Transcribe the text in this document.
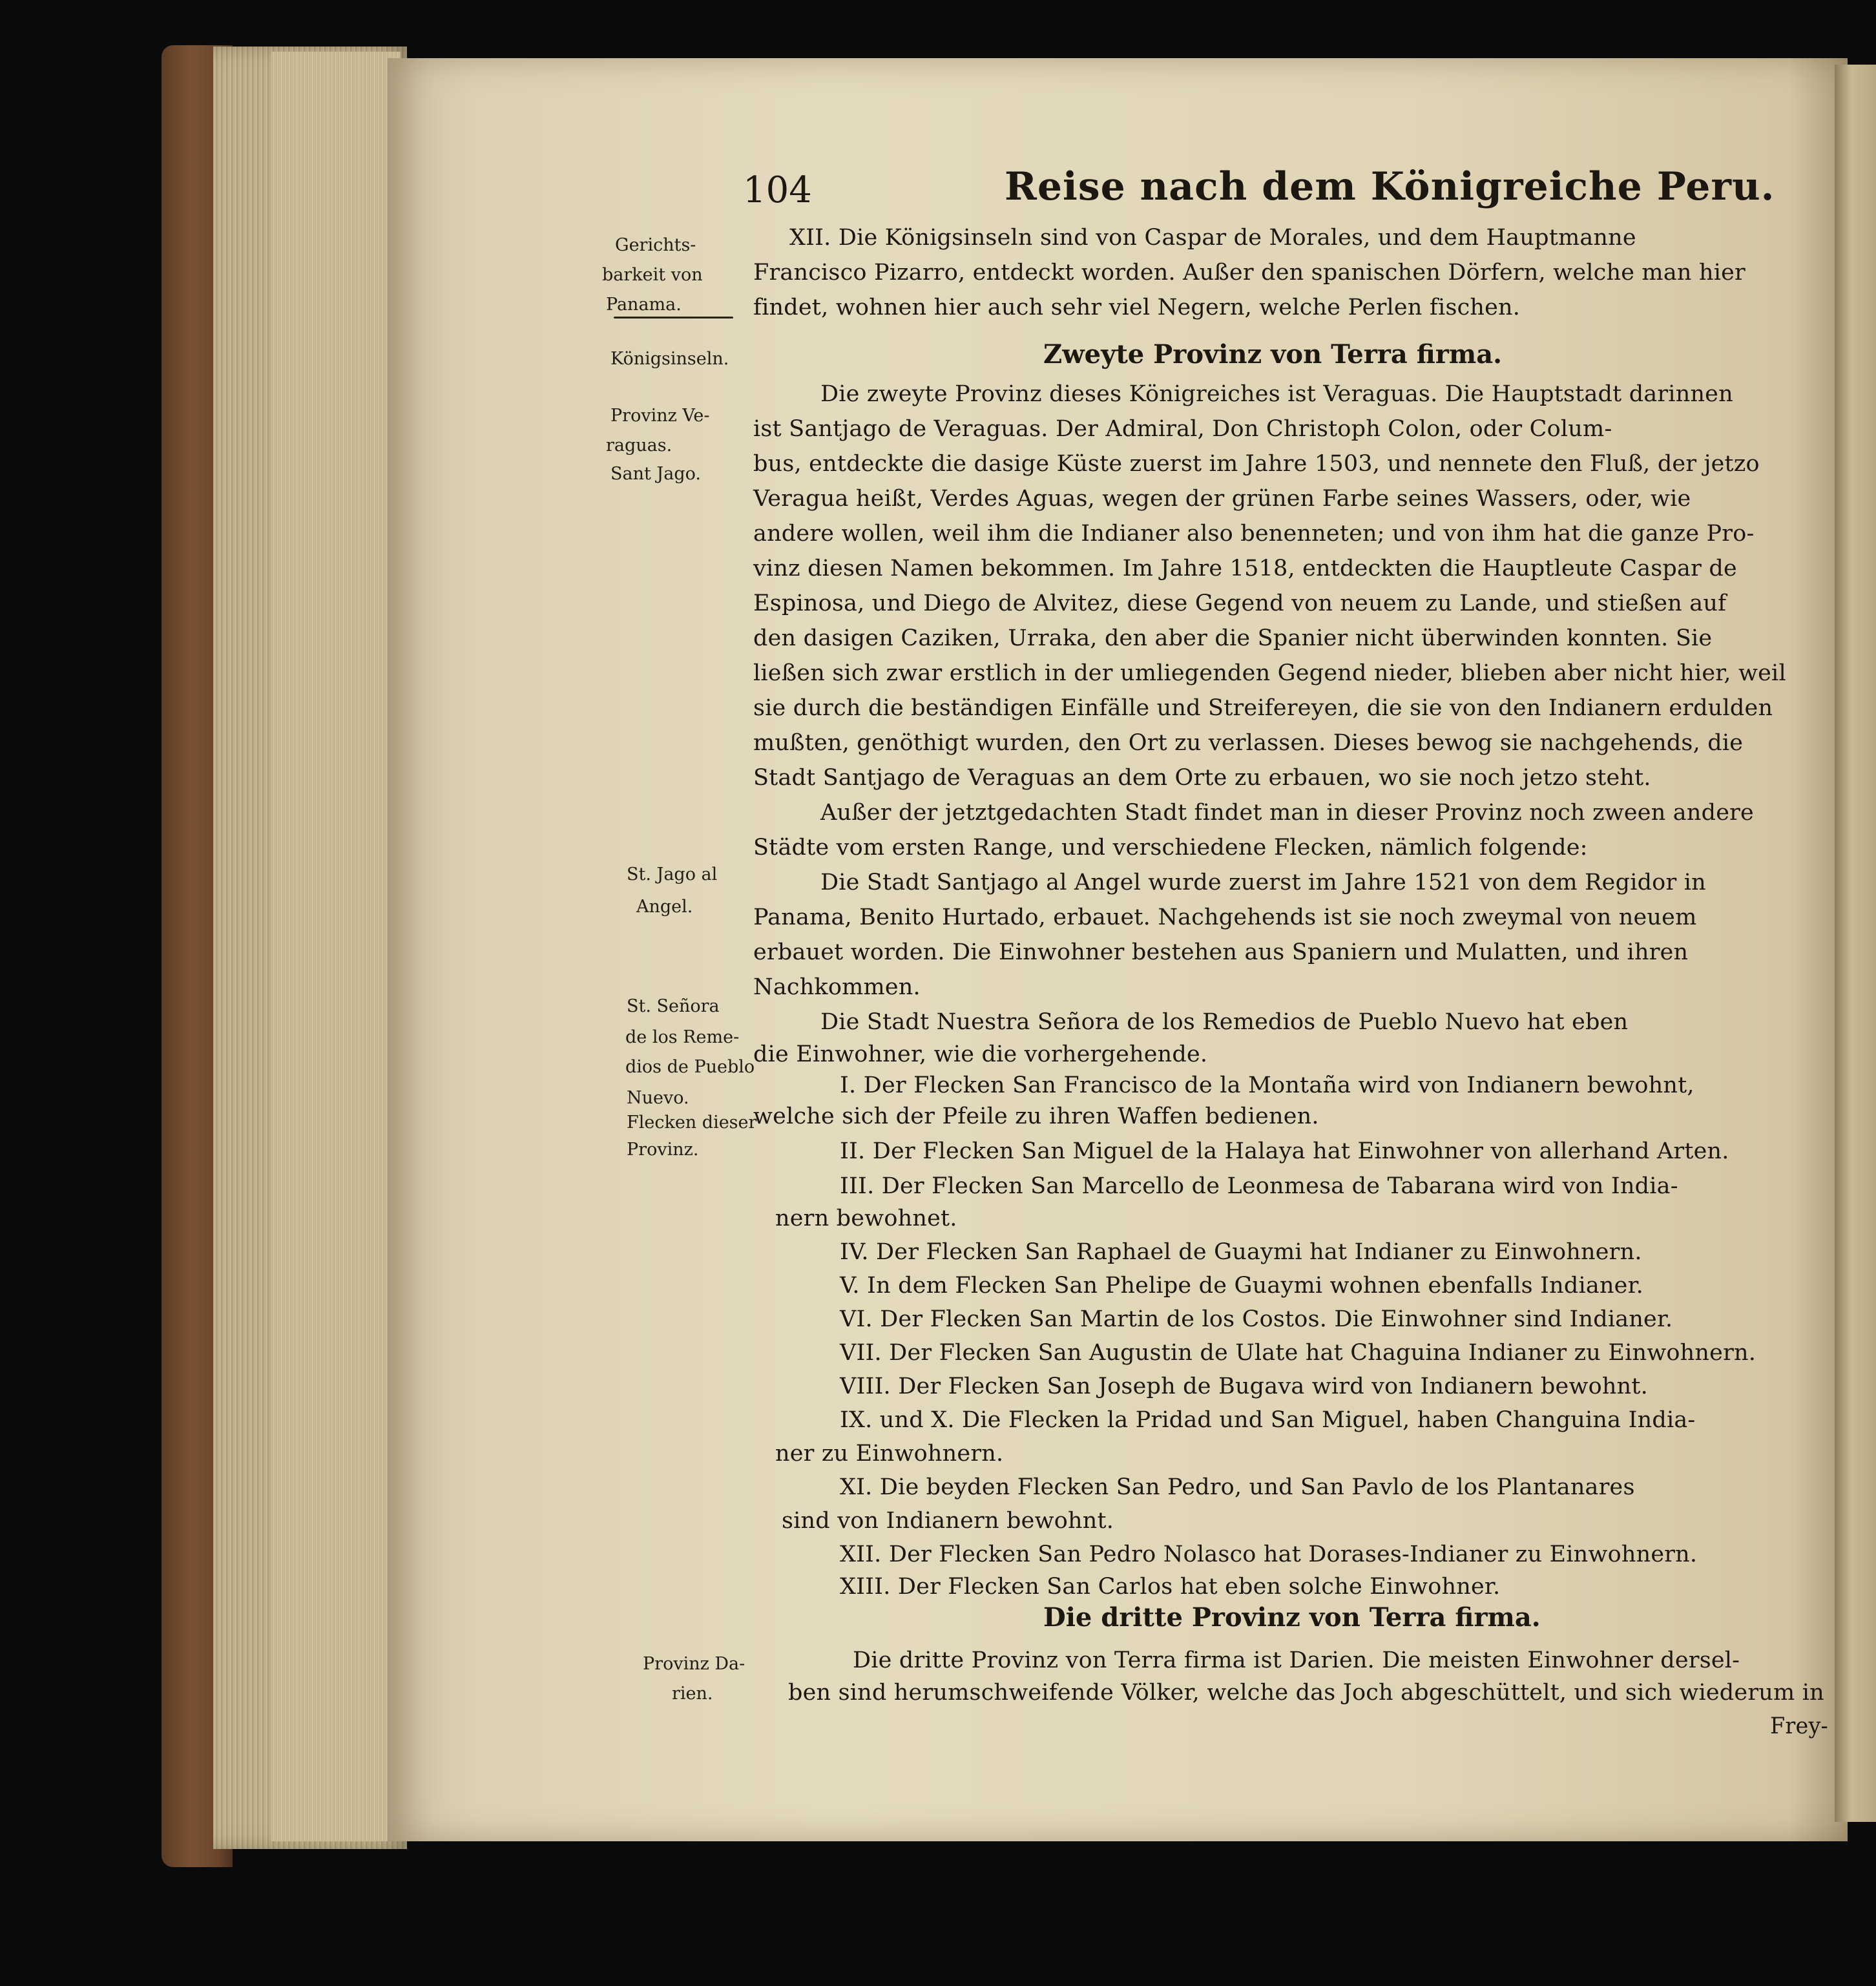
104	Reise nach dem Königreiche Peru.
Gerichts-
barkeit von
Panama.
Königsinseln.
Provinz Ve-
raguas.
Sant Jago.
St. Jago al
Angel.
St. Señora
de los Reme-
dios de Pueblo
Nuevo.
Flecken dieser
Provinz.
Provinz Da-
rien.
Zweyte Provinz von Terra firma.
Die dritte Provinz von Terra firma.
XII. Die Königsinseln sind von Caspar de Morales, und dem Hauptmanne
Francisco Pizarro, entdeckt worden. Außer den spanischen Dörfern, welche man hier
findet, wohnen hier auch sehr viel Negern, welche Perlen fischen.
Die zweyte Provinz dieses Königreiches ist Veraguas. Die Hauptstadt darinnen
ist Santjago de Veraguas. Der Admiral, Don Christoph Colon, oder Colum-
bus, entdeckte die dasige Küste zuerst im Jahre 1503, und nennete den Fluß, der jetzo
Veragua heißt, Verdes Aguas, wegen der grünen Farbe seines Wassers, oder, wie
andere wollen, weil ihm die Indianer also benenneten; und von ihm hat die ganze Pro-
vinz diesen Namen bekommen. Im Jahre 1518, entdeckten die Hauptleute Caspar de
Espinosa, und Diego de Alvitez, diese Gegend von neuem zu Lande, und stießen auf
den dasigen Caziken, Urraka, den aber die Spanier nicht überwinden konnten. Sie
ließen sich zwar erstlich in der umliegenden Gegend nieder, blieben aber nicht hier, weil
sie durch die beständigen Einfälle und Streifereyen, die sie von den Indianern erdulden
mußten, genöthigt wurden, den Ort zu verlassen. Dieses bewog sie nachgehends, die
Stadt Santjago de Veraguas an dem Orte zu erbauen, wo sie noch jetzo steht.
Außer der jetztgedachten Stadt findet man in dieser Provinz noch zween andere
Städte vom ersten Range, und verschiedene Flecken, nämlich folgende:
Die Stadt Santjago al Angel wurde zuerst im Jahre 1521 von dem Regidor in
Panama, Benito Hurtado, erbauet. Nachgehends ist sie noch zweymal von neuem
erbauet worden. Die Einwohner bestehen aus Spaniern und Mulatten, und ihren
Nachkommen.
Die Stadt Nuestra Señora de los Remedios de Pueblo Nuevo hat eben
die Einwohner, wie die vorhergehende.
I. Der Flecken San Francisco de la Montaña wird von Indianern bewohnt,
welche sich der Pfeile zu ihren Waffen bedienen.
II. Der Flecken San Miguel de la Halaya hat Einwohner von allerhand Arten.
III. Der Flecken San Marcello de Leonmesa de Tabarana wird von India-
nern bewohnet.
IV. Der Flecken San Raphael de Guaymi hat Indianer zu Einwohnern.
V. In dem Flecken San Phelipe de Guaymi wohnen ebenfalls Indianer.
VI. Der Flecken San Martin de los Costos. Die Einwohner sind Indianer.
VII. Der Flecken San Augustin de Ulate hat Chaguina Indianer zu Einwohnern.
VIII. Der Flecken San Joseph de Bugava wird von Indianern bewohnt.
IX. und X. Die Flecken la Pridad und San Miguel, haben Changuina India-
ner zu Einwohnern.
XI. Die beyden Flecken San Pedro, und San Pavlo de los Plantanares
sind von Indianern bewohnt.
XII. Der Flecken San Pedro Nolasco hat Dorases-Indianer zu Einwohnern.
XIII. Der Flecken San Carlos hat eben solche Einwohner.
Die dritte Provinz von Terra firma ist Darien. Die meisten Einwohner dersel-
ben sind herumschweifende Völker, welche das Joch abgeschüttelt, und sich wiederum in
Frey-
